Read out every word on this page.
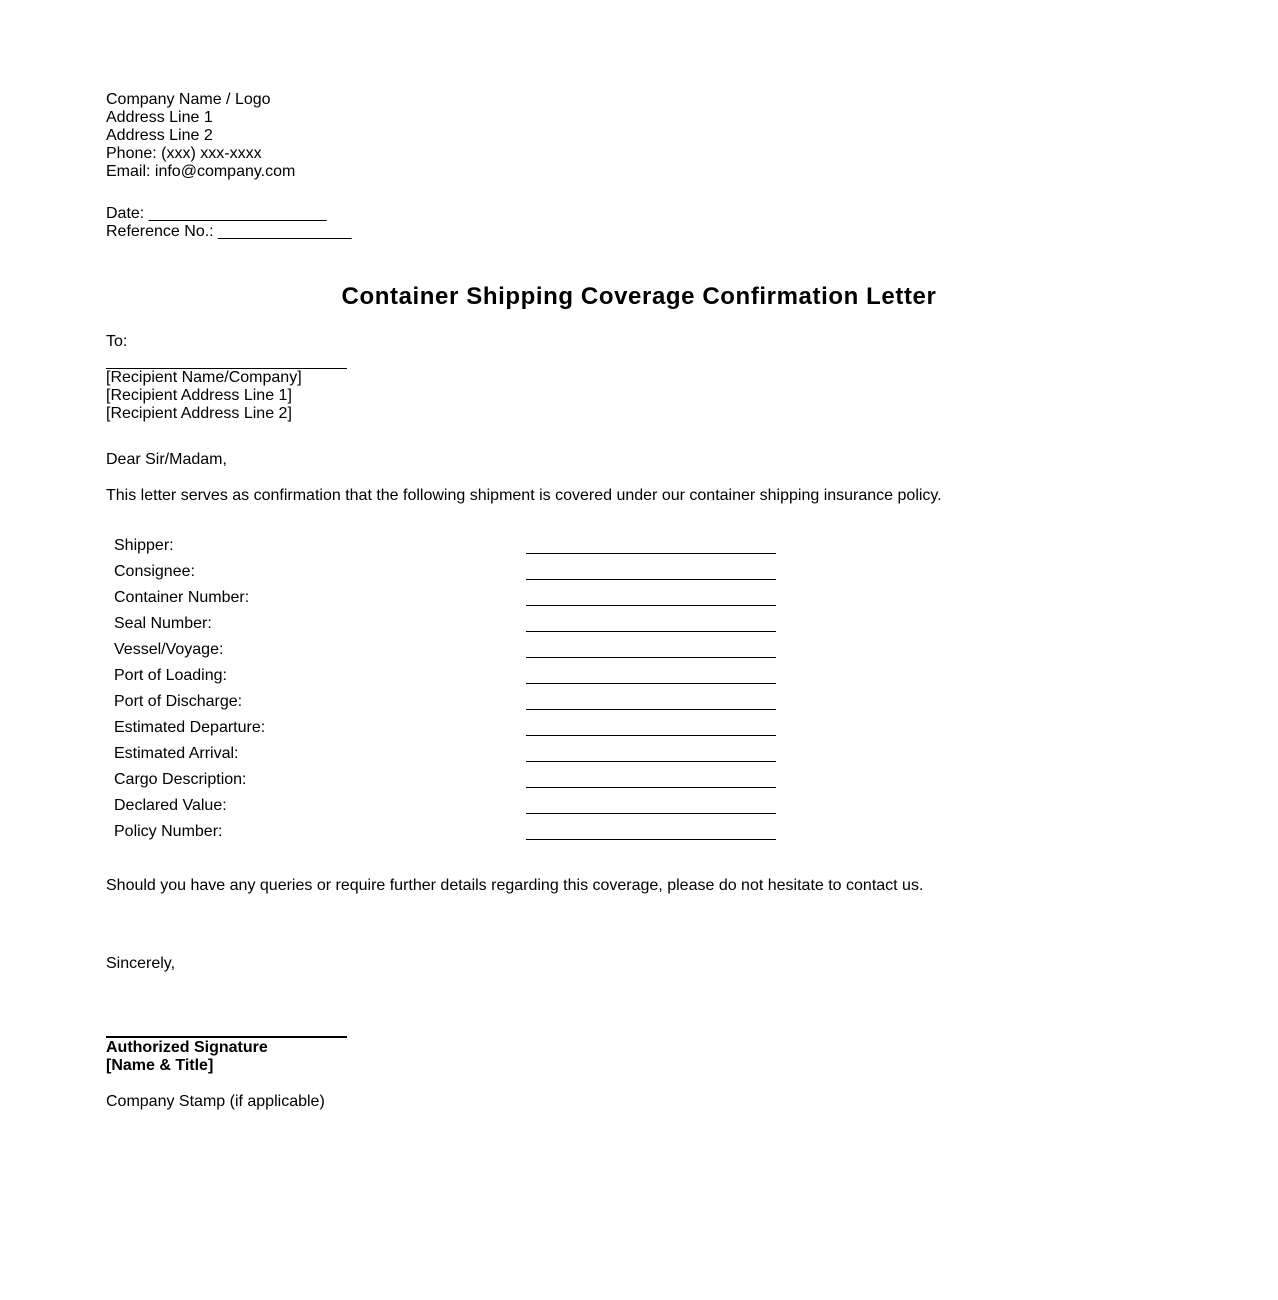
Company Name / Logo
Address Line 1
Address Line 2
Phone: (xxx) xxx-xxxx
Email: info@company.com
Date: ____________________
Reference No.: _______________
Container Shipping Coverage Confirmation Letter
To:
[Recipient Name/Company]
[Recipient Address Line 1]
[Recipient Address Line 2]
Dear Sir/Madam,
This letter serves as confirmation that the following shipment is covered under our container shipping insurance policy.
Shipper:
Consignee:
Container Number:
Seal Number:
Vessel/Voyage:
Port of Loading:
Port of Discharge:
Estimated Departure:
Estimated Arrival:
Cargo Description:
Declared Value:
Policy Number:
Should you have any queries or require further details regarding this coverage, please do not hesitate to contact us.
Sincerely,
Authorized Signature
[Name & Title]
Company Stamp (if applicable)
